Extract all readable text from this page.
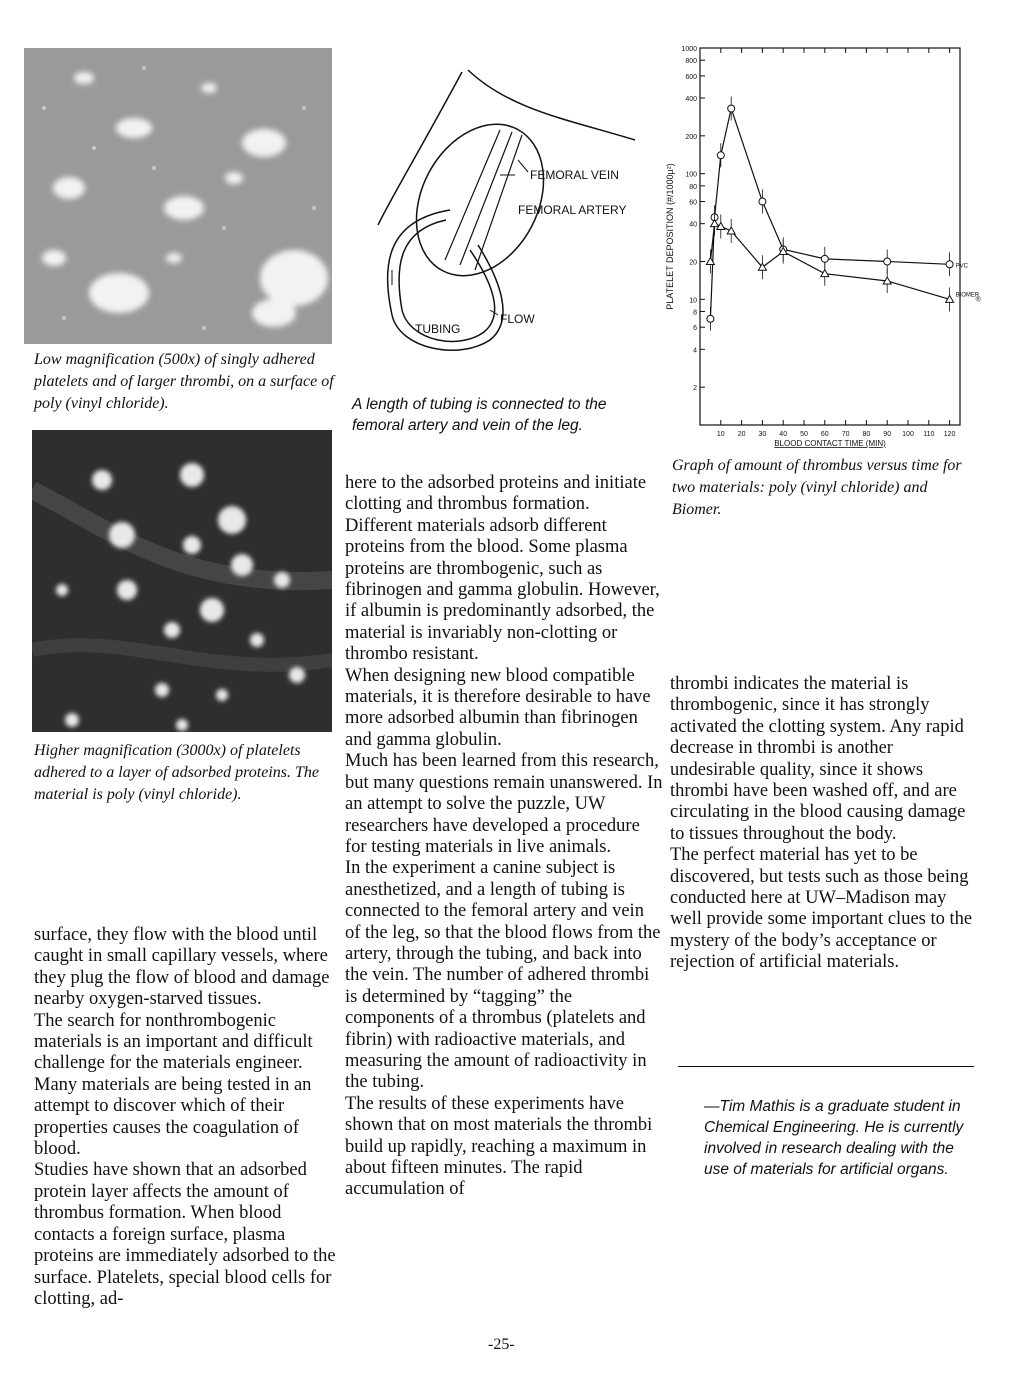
Low magnification (500x) of singly adhered platelets and of larger thrombi, on a surface of poly (vinyl chloride).
Higher magnification (3000x) of platelets adhered to a layer of adsorbed proteins. The material is poly (vinyl chloride).
FEMORAL VEIN
FEMORAL ARTERY
FLOW
TUBING
A length of tubing is connected to the femoral artery and vein of the leg.
1000
800
600
400
200
100
80
60
40
20
10
8
6
4
2
10 20 30 40 50 60 70 80 90 100 110 120
BLOOD CONTACT TIME (MIN)
PLATELET DEPOSITION (#/1000µ²)	PVC
BIOMER
®
Graph of amount of thrombus versus time for two materials: poly (vinyl chloride) and Biomer.
surface, they flow with the blood until caught in small capillary vessels, where they plug the flow of blood and damage nearby oxygen-starved tissues.
The search for nonthrombogenic materials is an important and difficult challenge for the materials engineer. Many materials are being tested in an attempt to discover which of their properties causes the coagulation of blood.
Studies have shown that an adsorbed protein layer affects the amount of thrombus formation. When blood contacts a foreign surface, plasma proteins are immediately adsorbed to the surface. Platelets, special blood cells for clotting, ad-
here to the adsorbed proteins and initiate clotting and thrombus formation.
Different materials adsorb different proteins from the blood. Some plasma proteins are thrombogenic, such as fibrinogen and gamma globulin. However, if albumin is predominantly adsorbed, the material is invariably non-clotting or thrombo resistant.
When designing new blood compatible materials, it is therefore desirable to have more adsorbed albumin than fibrinogen and gamma globulin.
Much has been learned from this research, but many questions remain unanswered. In an attempt to solve the puzzle, UW researchers have developed a procedure for testing materials in live animals.
In the experiment a canine subject is anesthetized, and a length of tubing is connected to the femoral artery and vein of the leg, so that the blood flows from the artery, through the tubing, and back into the vein. The number of adhered thrombi is determined by “tagging” the components of a thrombus (platelets and fibrin) with radioactive materials, and measuring the amount of radioactivity in the tubing.
The results of these experiments have shown that on most materials the thrombi build up rapidly, reaching a maximum in about fifteen minutes. The rapid accumulation of
thrombi indicates the material is thrombogenic, since it has strongly activated the clotting system. Any rapid decrease in thrombi is another undesirable quality, since it shows thrombi have been washed off, and are circulating in the blood causing damage to tissues throughout the body.
The perfect material has yet to be discovered, but tests such as those being conducted here at UW–Madison may well provide some important clues to the mystery of the body’s acceptance or rejection of artificial materials.
—Tim Mathis is a graduate student in Chemical Engineering. He is currently involved in research dealing with the use of materials for artificial organs.
-25-
